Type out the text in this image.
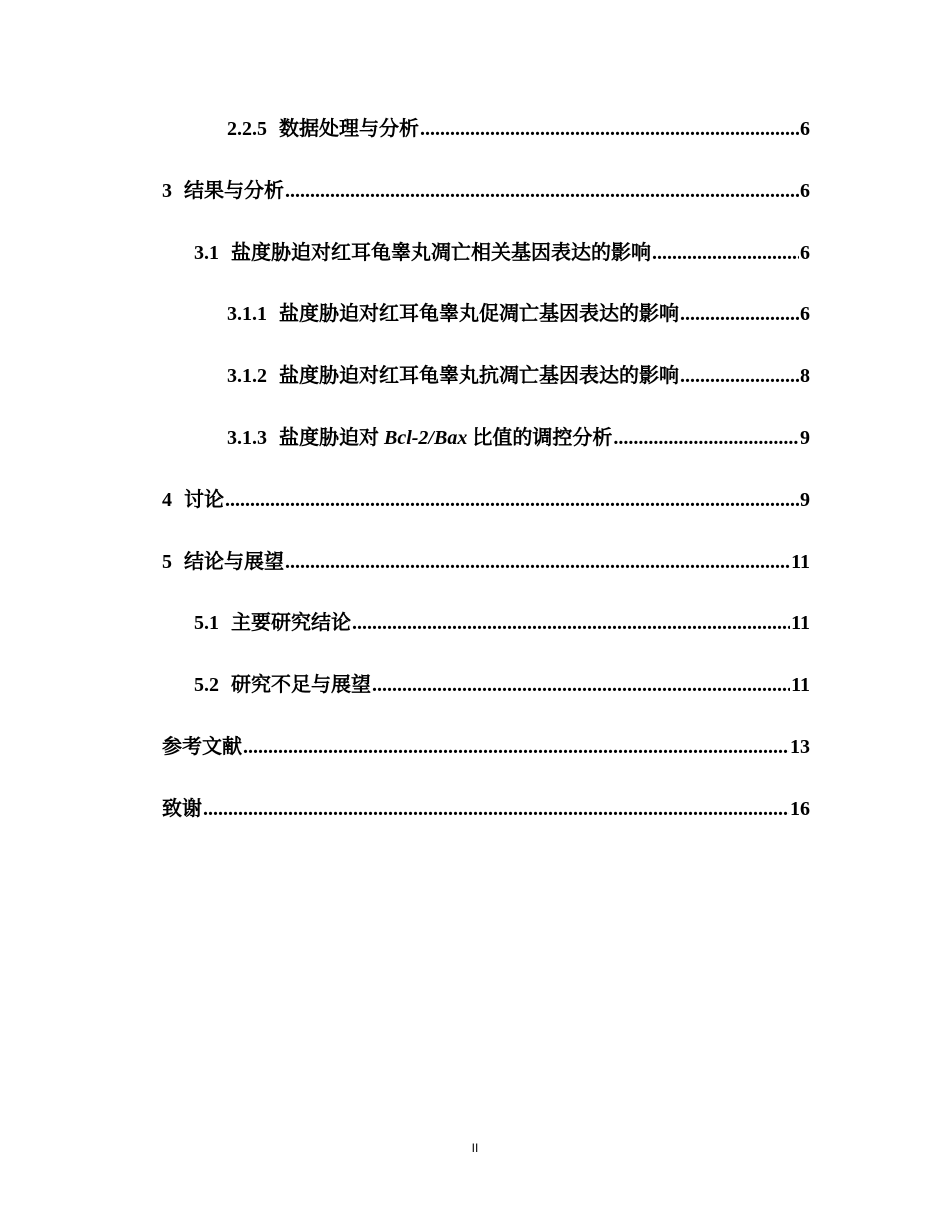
2.2.5 数据处理与分析 .....	6
3 结果与分析 .....	6
3.1 盐度胁迫对红耳龟睾丸凋亡相关基因表达的影响 .....	6
3.1.1 盐度胁迫对红耳龟睾丸促凋亡基因表达的影响 .....	6
3.1.2 盐度胁迫对红耳龟睾丸抗凋亡基因表达的影响 .....	8
3.1.3 盐度胁迫对 Bcl-2/Bax 比值的调控分析 .....	9
4 讨论 .....	9
5 结论与展望 .....	11
5.1 主要研究结论 .....	11
5.2 研究不足与展望 .....	11
参考文献 .....	13
致谢 .....	16
II
